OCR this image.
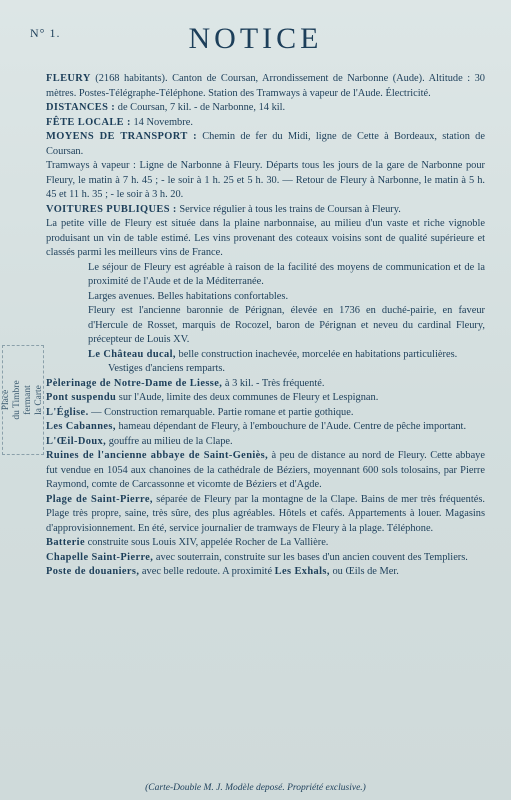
N° 1.	NOTICE
Place du Timbre fermant la Carte

FLEURY (2168 habitants). Canton de Coursan, Arrondissement de Narbonne (Aude). Altitude : 30 mètres. Postes-Télégraphe-Téléphone. Station des Tramways à vapeur de l'Aude. Électricité.

DISTANCES : de Coursan, 7 kil. - de Narbonne, 14 kil.

FÊTE LOCALE : 14 Novembre.

MOYENS DE TRANSPORT : Chemin de fer du Midi, ligne de Cette à Bordeaux, station de Coursan.

Tramways à vapeur : Ligne de Narbonne à Fleury. Départs tous les jours de la gare de Narbonne pour Fleury, le matin à 7 h. 45 ; - le soir à 1 h. 25 et 5 h. 30. — Retour de Fleury à Narbonne, le matin à 5 h. 45 et 11 h. 35 ; - le soir à 3 h. 20.

VOITURES PUBLIQUES : Service régulier à tous les trains de Coursan à Fleury.

La petite ville de Fleury est située dans la plaine narbonnaise, au milieu d'un vaste et riche vignoble produisant un vin de table estimé. Les vins provenant des coteaux voisins sont de qualité supérieure et classés parmi les meilleurs vins de France.

Le séjour de Fleury est agréable à raison de la facilité des moyens de communication et de la proximité de l'Aude et de la Méditerranée.

Larges avenues. Belles habitations confortables.

Fleury est l'ancienne baronnie de Pérignan, élevée en 1736 en duché-pairie, en faveur d'Hercule de Rosset, marquis de Rocozel, baron de Pérignan et neveu du cardinal Fleury, précepteur de Louis XV.

Le Château ducal, belle construction inachevée, morcelée en habitations particulières.

Vestiges d'anciens remparts.

Pèlerinage de Notre-Dame de Liesse, à 3 kil. - Très fréquenté.

Pont suspendu sur l'Aude, limite des deux communes de Fleury et Lespignan.

L'Église. — Construction remarquable. Partie romane et partie gothique.

Les Cabannes, hameau dépendant de Fleury, à l'embouchure de l'Aude. Centre de pêche important.

L'Œil-Doux, gouffre au milieu de la Clape.

Ruines de l'ancienne abbaye de Saint-Geniès, à peu de distance au nord de Fleury. Cette abbaye fut vendue en 1054 aux chanoines de la cathédrale de Béziers, moyennant 600 sols tolosains, par Pierre Raymond, comte de Carcassonne et vicomte de Béziers et d'Agde.

Plage de Saint-Pierre, séparée de Fleury par la montagne de la Clape. Bains de mer très fréquentés. Plage très propre, saine, très sûre, des plus agréables. Hôtels et cafés. Appartements à louer. Magasins d'approvisionnement. En été, service journalier de tramways de Fleury à la plage. Téléphone.

Batterie construite sous Louis XIV, appelée Rocher de La Vallière.

Chapelle Saint-Pierre, avec souterrain, construite sur les bases d'un ancien couvent des Templiers.

Poste de douaniers, avec belle redoute. A proximité Les Exhals, ou Œils de Mer.

(Carte-Double M. J. Modèle deposé. Propriété exclusive.)
